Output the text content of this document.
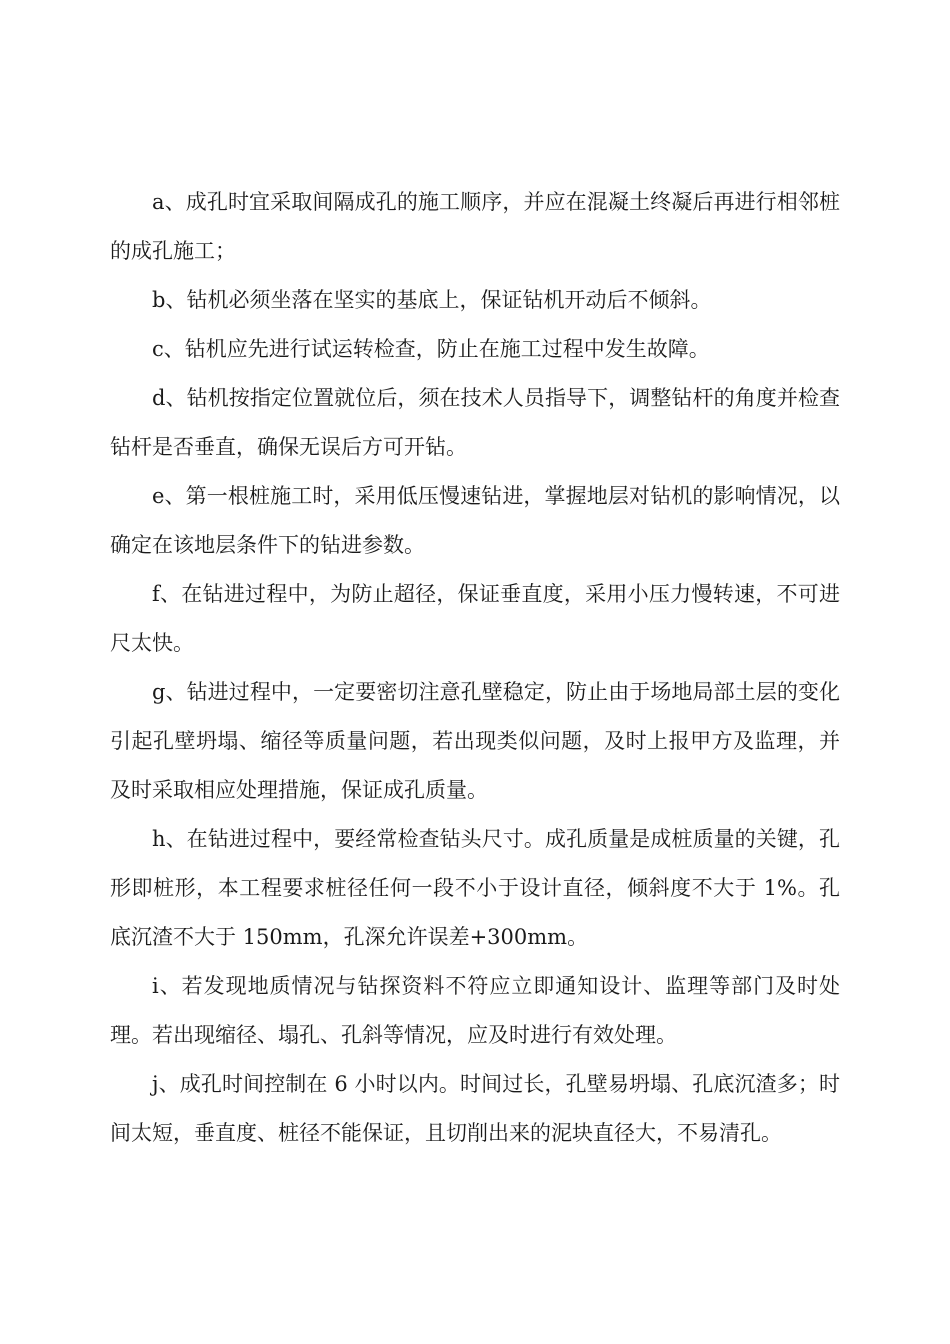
a、成孔时宜采取间隔成孔的施工顺序，并应在混凝土终凝后再进行相邻桩的成孔施工；

b、钻机必须坐落在坚实的基底上，保证钻机开动后不倾斜。

c、钻机应先进行试运转检查，防止在施工过程中发生故障。

d、钻机按指定位置就位后，须在技术人员指导下，调整钻杆的角度并检查钻杆是否垂直，确保无误后方可开钻。

e、第一根桩施工时，采用低压慢速钻进，掌握地层对钻机的影响情况，以确定在该地层条件下的钻进参数。

f、在钻进过程中，为防止超径，保证垂直度，采用小压力慢转速，不可进尺太快。

g、钻进过程中，一定要密切注意孔壁稳定，防止由于场地局部土层的变化引起孔壁坍塌、缩径等质量问题，若出现类似问题，及时上报甲方及监理，并及时采取相应处理措施，保证成孔质量。

h、在钻进过程中，要经常检查钻头尺寸。成孔质量是成桩质量的关键，孔形即桩形，本工程要求桩径任何一段不小于设计直径，倾斜度不大于 1%。孔底沉渣不大于 150mm，孔深允许误差+300mm。

i、若发现地质情况与钻探资料不符应立即通知设计、监理等部门及时处理。若出现缩径、塌孔、孔斜等情况，应及时进行有效处理。

j、成孔时间控制在 6 小时以内。时间过长，孔壁易坍塌、孔底沉渣多；时间太短，垂直度、桩径不能保证，且切削出来的泥块直径大，不易清孔。
